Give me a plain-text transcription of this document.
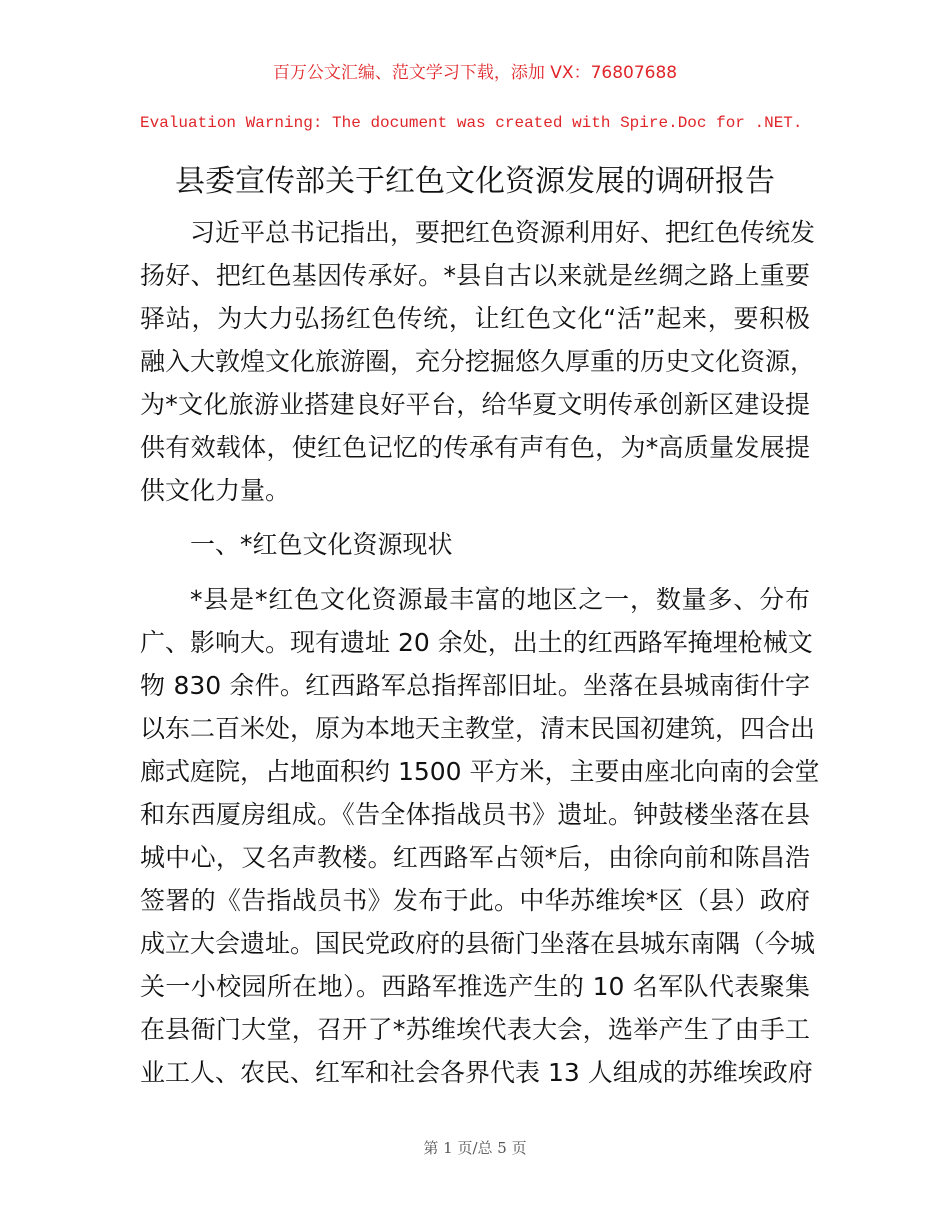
百万公文汇编、范文学习下载，添加 VX：76807688
Evaluation Warning: The document was created with Spire.Doc for .NET.
县委宣传部关于红色文化资源发展的调研报告
习近平总书记指出，要把红色资源利用好、把红色传统发
扬好、把红色基因传承好。*县自古以来就是丝绸之路上重要
驿站，为大力弘扬红色传统，让红色文化“活”起来，要积极
融入大敦煌文化旅游圈，充分挖掘悠久厚重的历史文化资源，
为*文化旅游业搭建良好平台，给华夏文明传承创新区建设提
供有效载体，使红色记忆的传承有声有色，为*高质量发展提
供文化力量。
一、*红色文化资源现状
*县是*红色文化资源最丰富的地区之一，数量多、分布
广、影响大。现有遗址 20 余处，出土的红西路军掩埋枪械文
物 830 余件。红西路军总指挥部旧址。坐落在县城南街什字
以东二百米处，原为本地天主教堂，清末民国初建筑，四合出
廊式庭院，占地面积约 1500 平方米，主要由座北向南的会堂
和东西厦房组成。《告全体指战员书》遗址。钟鼓楼坐落在县
城中心，又名声教楼。红西路军占领*后，由徐向前和陈昌浩
签署的《告指战员书》发布于此。中华苏维埃*区（县）政府
成立大会遗址。国民党政府的县衙门坐落在县城东南隅（今城
关一小校园所在地）。西路军推选产生的 10 名军队代表聚集
在县衙门大堂，召开了*苏维埃代表大会，选举产生了由手工
业工人、农民、红军和社会各界代表 13 人组成的苏维埃政府
第 1 页/总 5 页
